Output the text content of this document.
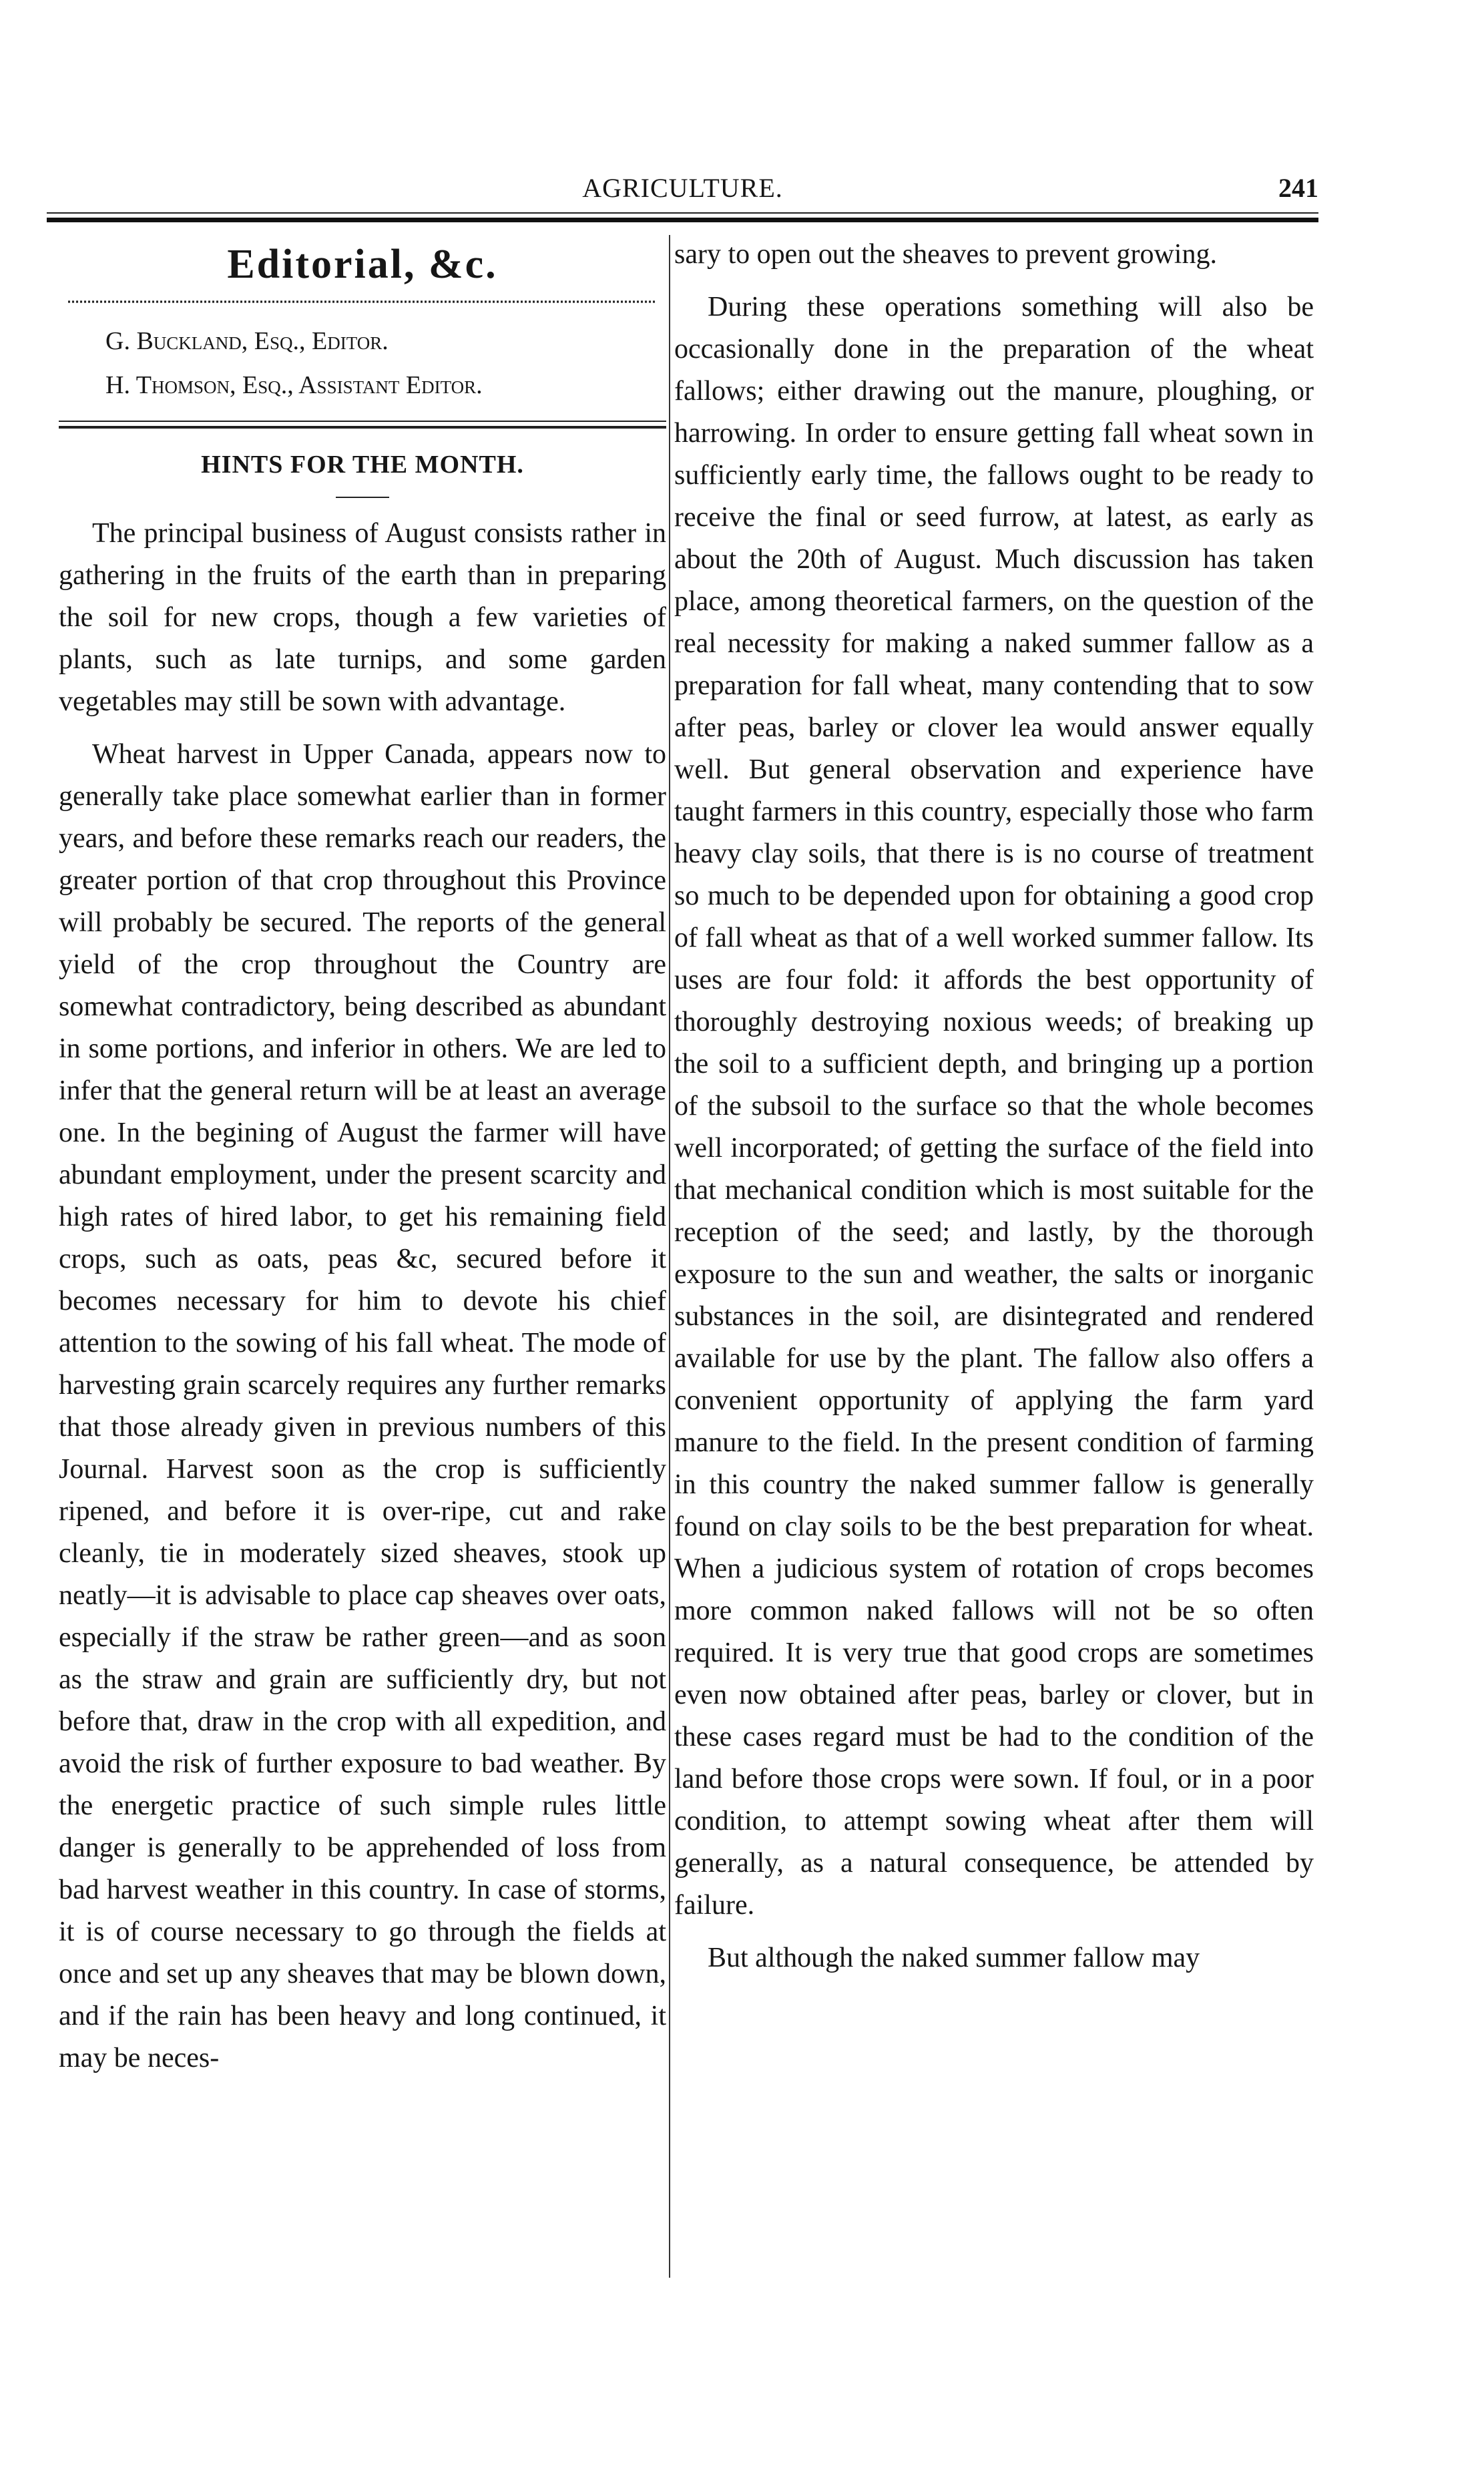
AGRICULTURE.	241
Editorial, &c.
G. Buckland, Esq., Editor.
H. Thomson, Esq., Assistant Editor.
HINTS FOR THE MONTH.

The principal business of August consists rather in gathering in the fruits of the earth than in preparing the soil for new crops, though a few varieties of plants, such as late turnips, and some garden vegetables may still be sown with advantage.

Wheat harvest in Upper Canada, appears now to generally take place somewhat earlier than in former years, and before these remarks reach our readers, the greater portion of that crop throughout this Province will probably be secured. The reports of the general yield of the crop throughout the Country are somewhat contradictory, being described as abundant in some portions, and inferior in others. We are led to infer that the general return will be at least an average one. In the begining of August the farmer will have abundant employment, under the present scarcity and high rates of hired labor, to get his remaining field crops, such as oats, peas &c, secured before it becomes necessary for him to devote his chief attention to the sowing of his fall wheat. The mode of harvesting grain scarcely requires any further remarks that those already given in previous numbers of this Journal. Harvest soon as the crop is sufficiently ripened, and before it is over-ripe, cut and rake cleanly, tie in moderately sized sheaves, stook up neatly—it is advisable to place cap sheaves over oats, especially if the straw be rather green—and as soon as the straw and grain are sufficiently dry, but not before that, draw in the crop with all expedition, and avoid the risk of further exposure to bad weather. By the energetic practice of such simple rules little danger is generally to be apprehended of loss from bad harvest weather in this country. In case of storms, it is of course necessary to go through the fields at once and set up any sheaves that may be blown down, and if the rain has been heavy and long continued, it may be neces-

sary to open out the sheaves to prevent growing.

During these operations something will also be occasionally done in the preparation of the wheat fallows; either drawing out the manure, ploughing, or harrowing. In order to ensure getting fall wheat sown in sufficiently early time, the fallows ought to be ready to receive the final or seed furrow, at latest, as early as about the 20th of August. Much discussion has taken place, among theoretical farmers, on the question of the real necessity for making a naked summer fallow as a preparation for fall wheat, many contending that to sow after peas, barley or clover lea would answer equally well. But general observation and experience have taught farmers in this country, especially those who farm heavy clay soils, that there is is no course of treatment so much to be depended upon for obtaining a good crop of fall wheat as that of a well worked summer fallow. Its uses are four fold: it affords the best opportunity of thoroughly destroying noxious weeds; of breaking up the soil to a sufficient depth, and bringing up a portion of the subsoil to the surface so that the whole becomes well incorporated; of getting the surface of the field into that mechanical condition which is most suitable for the reception of the seed; and lastly, by the thorough exposure to the sun and weather, the salts or inorganic substances in the soil, are disintegrated and rendered available for use by the plant. The fallow also offers a convenient opportunity of applying the farm yard manure to the field. In the present condition of farming in this country the naked summer fallow is generally found on clay soils to be the best preparation for wheat. When a judicious system of rotation of crops becomes more common naked fallows will not be so often required. It is very true that good crops are sometimes even now obtained after peas, barley or clover, but in these cases regard must be had to the condition of the land before those crops were sown. If foul, or in a poor condition, to attempt sowing wheat after them will generally, as a natural consequence, be attended by failure.

But although the naked summer fallow may
